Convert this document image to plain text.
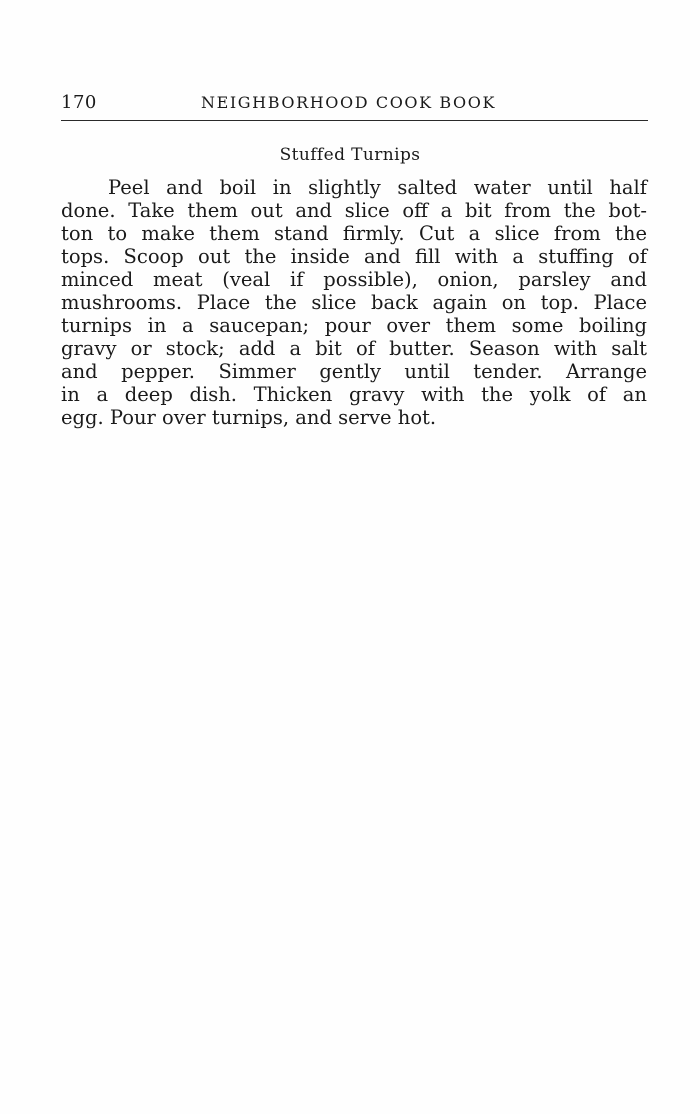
170	NEIGHBORHOOD COOK BOOK
Stuffed Turnips
Peel and boil in slightly salted water until half
done. Take them out and slice off a bit from the bot-
ton to make them stand firmly. Cut a slice from the
tops. Scoop out the inside and fill with a stuffing of
minced meat (veal if possible), onion, parsley and
mushrooms. Place the slice back again on top. Place
turnips in a saucepan; pour over them some boiling
gravy or stock; add a bit of butter. Season with salt
and pepper. Simmer gently until tender. Arrange
in a deep dish. Thicken gravy with the yolk of an
egg. Pour over turnips, and serve hot.
